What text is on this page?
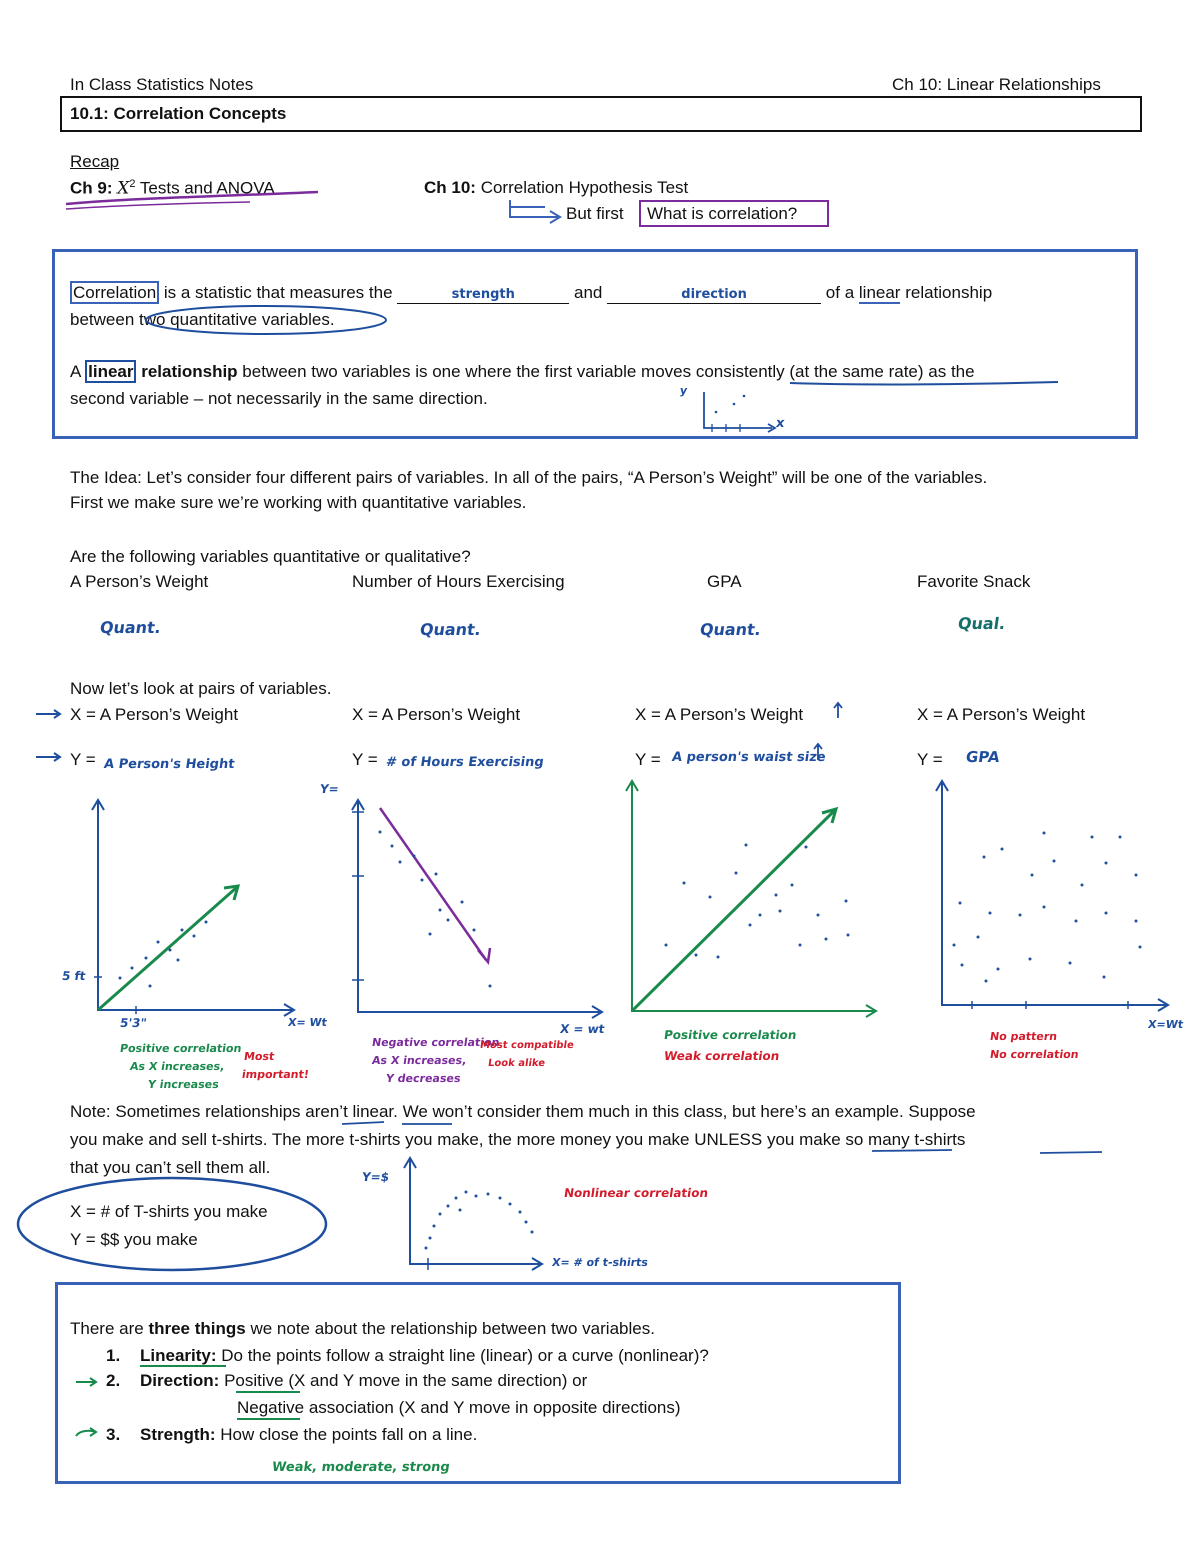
In Class Statistics Notes	Ch 10: Linear Relationships
10.1: Correlation Concepts
Recap
Ch 9: $X^2$ Tests and ANOVA	Ch 10: Correlation Hypothesis Test
But first What is correlation?
Correlation is a statistic that measures the	strength	and	direction	of a linear relationship
between two quantitative variables.
y
x
A linear relationship between two variables is one where the first variable moves consistently (at the same rate) as the
second variable – not necessarily in the same direction.
The Idea: Let’s consider four different pairs of variables. In all of the pairs, “A Person’s Weight” will be one of the variables.
First we make sure we’re working with quantitative variables.
Are the following variables quantitative or qualitative?
A Person’s Weight	Number of Hours Exercising	GPA	Favorite Snack
Quant.	Quant.	Quant.	Qual.
Now let’s look at pairs of variables.
X = A Person’s Weight	X = A Person’s Weight	X = A Person’s Weight	X = A Person’s Weight
Y =	Y =	Y =	Y =
A Person's Height	# of Hours Exercising	A person's waist size	GPA
5 ft
5'3"	X= Wt
Positive correlation
As X increases,
Y increases
Most
important!
Y=
X = wt
Negative correlation
As X increases,
Y decreases
Most compatible
Look alike
Positive correlation
Weak correlation
X=Wt
No pattern
No correlation
Note: Sometimes relationships aren’t linear. We won’t consider them much in this class, but here’s an example. Suppose
you make and sell t-shirts. The more t-shirts you make, the more money you make UNLESS you make so many t-shirts
that you can’t sell them all.
X = # of T-shirts you make
Y = $$ you make
Y=$
X= # of t-shirts
Nonlinear correlation
There are three things we note about the relationship between two variables.
1. Linearity: Do the points follow a straight line (linear) or a curve (nonlinear)?
2. Direction: Positive (X and Y move in the same direction) or
Negative association (X and Y move in opposite directions)
3. Strength: How close the points fall on a line.
Weak, moderate, strong
